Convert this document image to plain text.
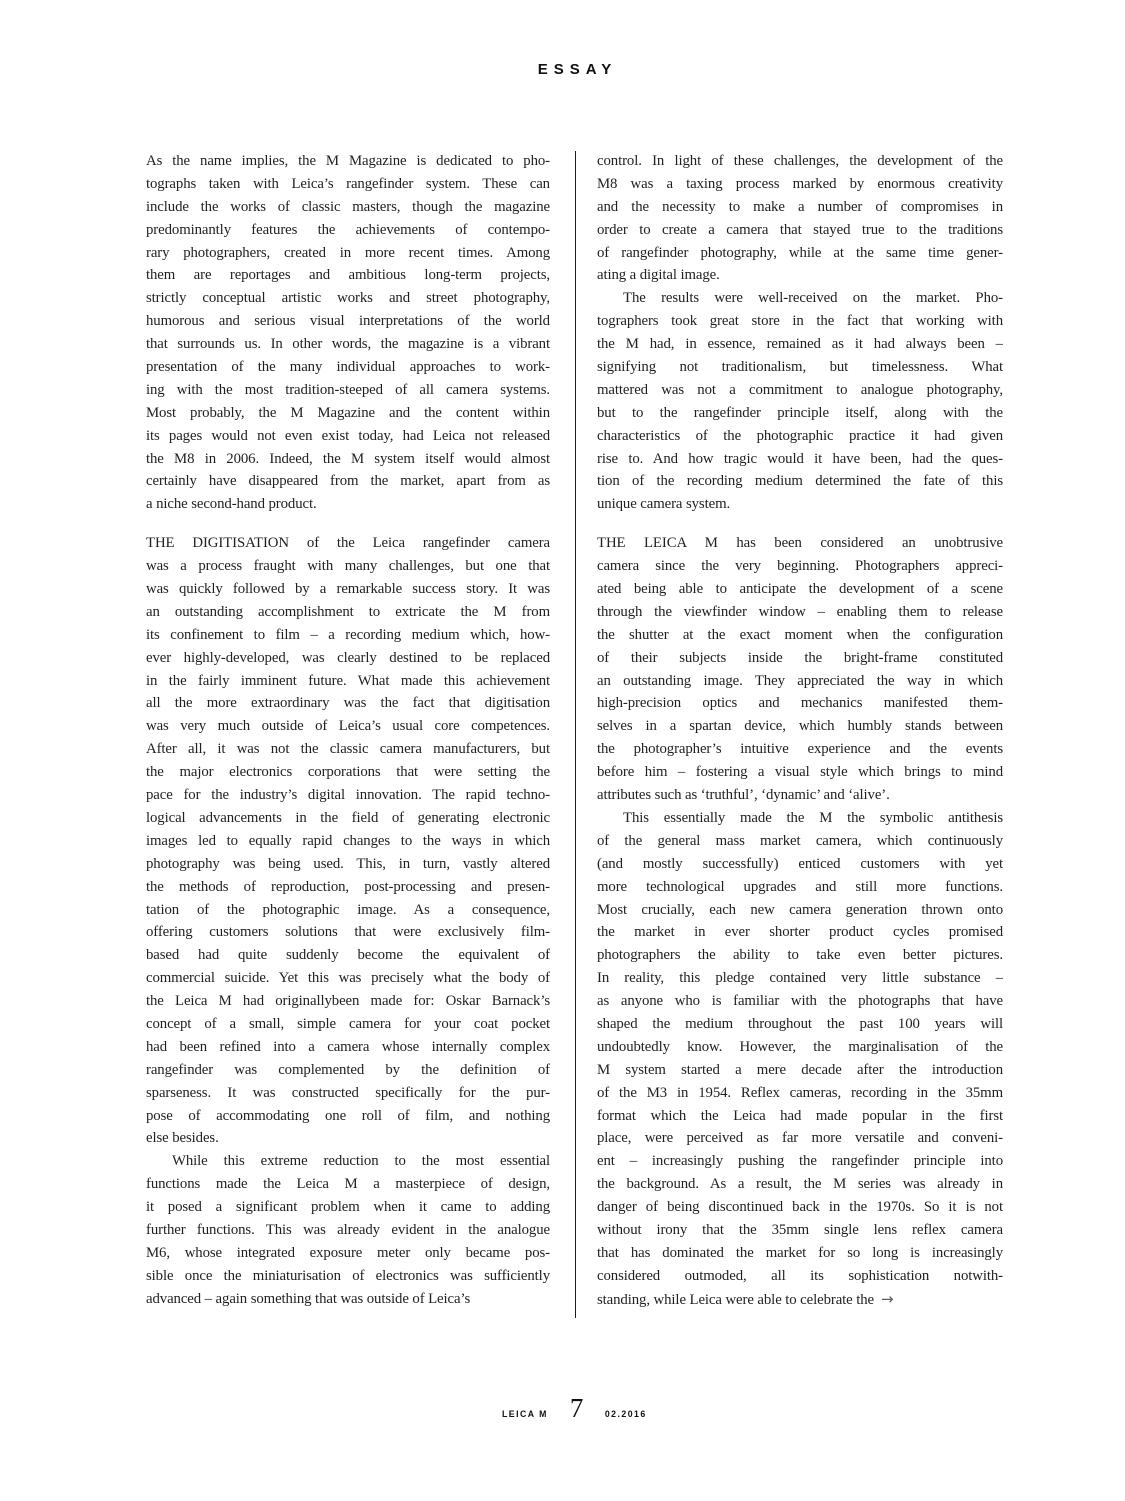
ESSAY
As the name implies, the M Magazine is dedicated to pho-
tographs taken with Leica’s rangefinder system. These can
include the works of classic masters, though the magazine
predominantly features the achievements of contempo-
rary photographers, created in more recent times. Among
them are reportages and ambitious long-term projects,
strictly conceptual artistic works and street photography,
humorous and serious visual interpretations of the world
that surrounds us. In other words, the magazine is a vibrant
presentation of the many individual approaches to work-
ing with the most tradition-steeped of all camera systems.
Most probably, the M Magazine and the content within
its pages would not even exist today, had Leica not released
the M8 in 2006. Indeed, the M system itself would almost
certainly have disappeared from the market, apart from as
a niche second-hand product.
THE DIGITISATION of the Leica rangefinder camera
was a process fraught with many challenges, but one that
was quickly followed by a remarkable success story. It was
an outstanding accomplishment to extricate the M from
its confinement to film – a recording medium which, how-
ever highly-developed, was clearly destined to be replaced
in the fairly imminent future. What made this achievement
all the more extraordinary was the fact that digitisation
was very much outside of Leica’s usual core competences.
After all, it was not the classic camera manufacturers, but
the major electronics corporations that were setting the
pace for the industry’s digital innovation. The rapid techno-
logical advancements in the field of generating electronic
images led to equally rapid changes to the ways in which
photography was being used. This, in turn, vastly altered
the methods of reproduction, post-processing and presen-
tation of the photographic image. As a consequence,
offering customers solutions that were exclusively film-
based had quite suddenly become the equivalent of
commercial suicide. Yet this was precisely what the body of
the Leica M had originallybeen made for: Oskar Barnack’s
concept of a small, simple camera for your coat pocket
had been refined into a camera whose internally complex
rangefinder was complemented by the definition of
sparseness. It was constructed specifically for the pur-
pose of accommodating one roll of film, and nothing
else besides.
While this extreme reduction to the most essential
functions made the Leica M a masterpiece of design,
it posed a significant problem when it came to adding
further functions. This was already evident in the analogue
M6, whose integrated exposure meter only became pos-
sible once the miniaturisation of electronics was sufficiently
advanced – again something that was outside of Leica’s
control. In light of these challenges, the development of the
M8 was a taxing process marked by enormous creativity
and the necessity to make a number of compromises in
order to create a camera that stayed true to the traditions
of rangefinder photography, while at the same time gener-
ating a digital image.
The results were well-received on the market. Pho-
tographers took great store in the fact that working with
the M had, in essence, remained as it had always been –
signifying not traditionalism, but timelessness. What
mattered was not a commitment to analogue photography,
but to the rangefinder principle itself, along with the
characteristics of the photographic practice it had given
rise to. And how tragic would it have been, had the ques-
tion of the recording medium determined the fate of this
unique camera system.
THE LEICA M has been considered an unobtrusive
camera since the very beginning. Photographers appreci-
ated being able to anticipate the development of a scene
through the viewfinder window – enabling them to release
the shutter at the exact moment when the configuration
of their subjects inside the bright-frame constituted
an outstanding image. They appreciated the way in which
high-precision optics and mechanics manifested them-
selves in a spartan device, which humbly stands between
the photographer’s intuitive experience and the events
before him – fostering a visual style which brings to mind
attributes such as ‘truthful’, ‘dynamic’ and ‘alive’.
This essentially made the M the symbolic antithesis
of the general mass market camera, which continuously
(and mostly successfully) enticed customers with yet
more technological upgrades and still more functions.
Most crucially, each new camera generation thrown onto
the market in ever shorter product cycles promised
photographers the ability to take even better pictures.
In reality, this pledge contained very little substance –
as anyone who is familiar with the photographs that have
shaped the medium throughout the past 100 years will
undoubtedly know. However, the marginalisation of the
M system started a mere decade after the introduction
of the M3 in 1954. Reflex cameras, recording in the 35mm
format which the Leica had made popular in the first
place, were perceived as far more versatile and conveni-
ent – increasingly pushing the rangefinder principle into
the background. As a result, the M series was already in
danger of being discontinued back in the 1970s. So it is not
without irony that the 35mm single lens reflex camera
that has dominated the market for so long is increasingly
considered outmoded, all its sophistication notwith-
standing, while Leica were able to celebrate the →
LEICA M 7 02.2016
